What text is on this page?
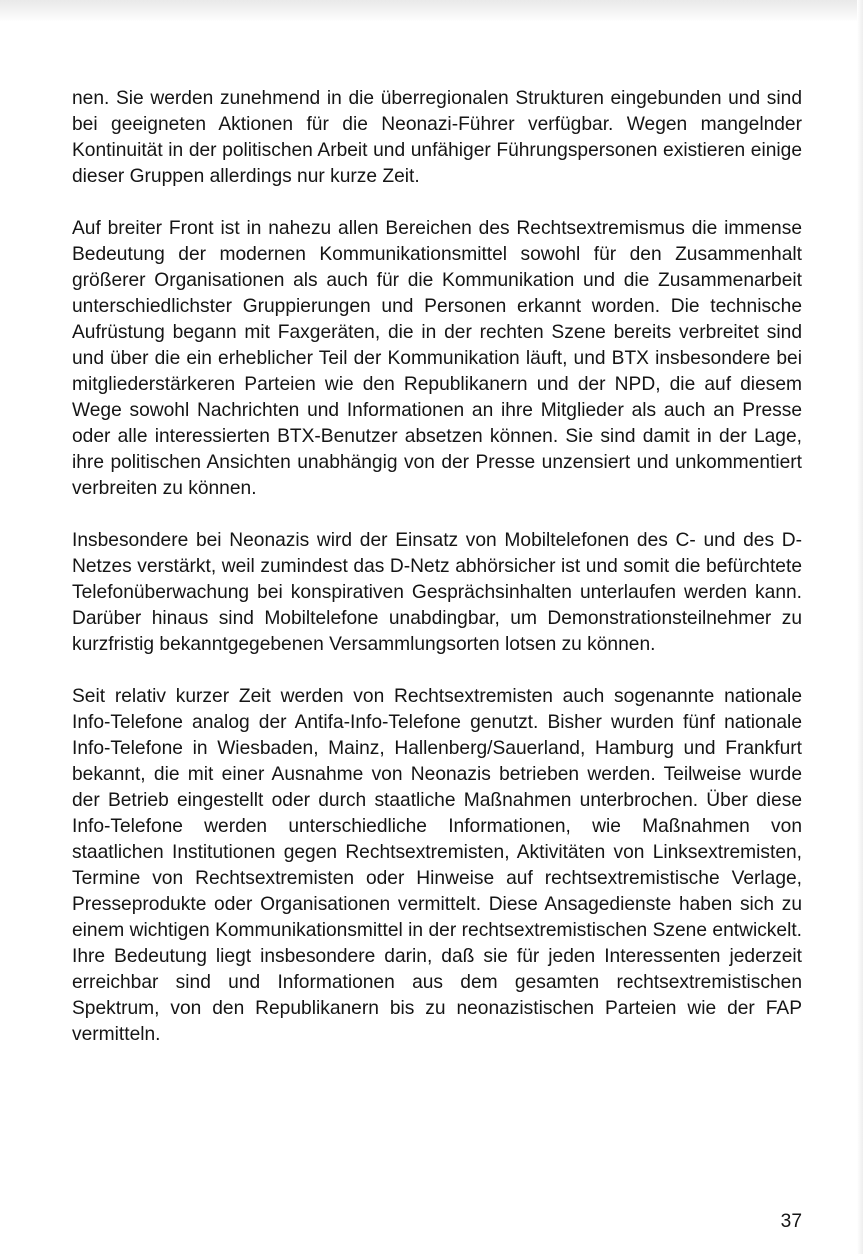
nen. Sie werden zunehmend in die überregionalen Strukturen eingebunden und sind bei geeigneten Aktionen für die Neonazi-Führer verfügbar. Wegen mangelnder Kontinuität in der politischen Arbeit und unfähiger Führungspersonen existieren einige dieser Gruppen allerdings nur kurze Zeit.

Auf breiter Front ist in nahezu allen Bereichen des Rechtsextremismus die immense Bedeutung der modernen Kommunikationsmittel sowohl für den Zusammenhalt größerer Organisationen als auch für die Kommunikation und die Zusammenarbeit unterschiedlichster Gruppierungen und Personen erkannt worden. Die technische Aufrüstung begann mit Faxgeräten, die in der rechten Szene bereits verbreitet sind und über die ein erheblicher Teil der Kommunikation läuft, und BTX insbesondere bei mitgliederstärkeren Parteien wie den Republikanern und der NPD, die auf diesem Wege sowohl Nachrichten und Informationen an ihre Mitglieder als auch an Presse oder alle interessierten BTX-Benutzer absetzen können. Sie sind damit in der Lage, ihre politischen Ansichten unabhängig von der Presse unzensiert und unkommentiert verbreiten zu können.

Insbesondere bei Neonazis wird der Einsatz von Mobiltelefonen des C- und des D-Netzes verstärkt, weil zumindest das D-Netz abhörsicher ist und somit die befürchtete Telefonüberwachung bei konspirativen Gesprächsinhalten unterlaufen werden kann. Darüber hinaus sind Mobiltelefone unabdingbar, um Demonstrationsteilnehmer zu kurzfristig bekanntgegebenen Versammlungsorten lotsen zu können.

Seit relativ kurzer Zeit werden von Rechtsextremisten auch sogenannte nationale Info-Telefone analog der Antifa-Info-Telefone genutzt. Bisher wurden fünf nationale Info-Telefone in Wiesbaden, Mainz, Hallenberg/Sauerland, Hamburg und Frankfurt bekannt, die mit einer Ausnahme von Neonazis betrieben werden. Teilweise wurde der Betrieb eingestellt oder durch staatliche Maßnahmen unterbrochen. Über diese Info-Telefone werden unterschiedliche Informationen, wie Maßnahmen von staatlichen Institutionen gegen Rechtsextremisten, Aktivitäten von Linksextremisten, Termine von Rechtsextremisten oder Hinweise auf rechtsextremistische Verlage, Presseprodukte oder Organisationen vermittelt. Diese Ansagedienste haben sich zu einem wichtigen Kommunikationsmittel in der rechtsextremistischen Szene entwickelt. Ihre Bedeutung liegt insbesondere darin, daß sie für jeden Interessenten jederzeit erreichbar sind und Informationen aus dem gesamten rechtsextremistischen Spektrum, von den Republikanern bis zu neonazistischen Parteien wie der FAP vermitteln.

37
